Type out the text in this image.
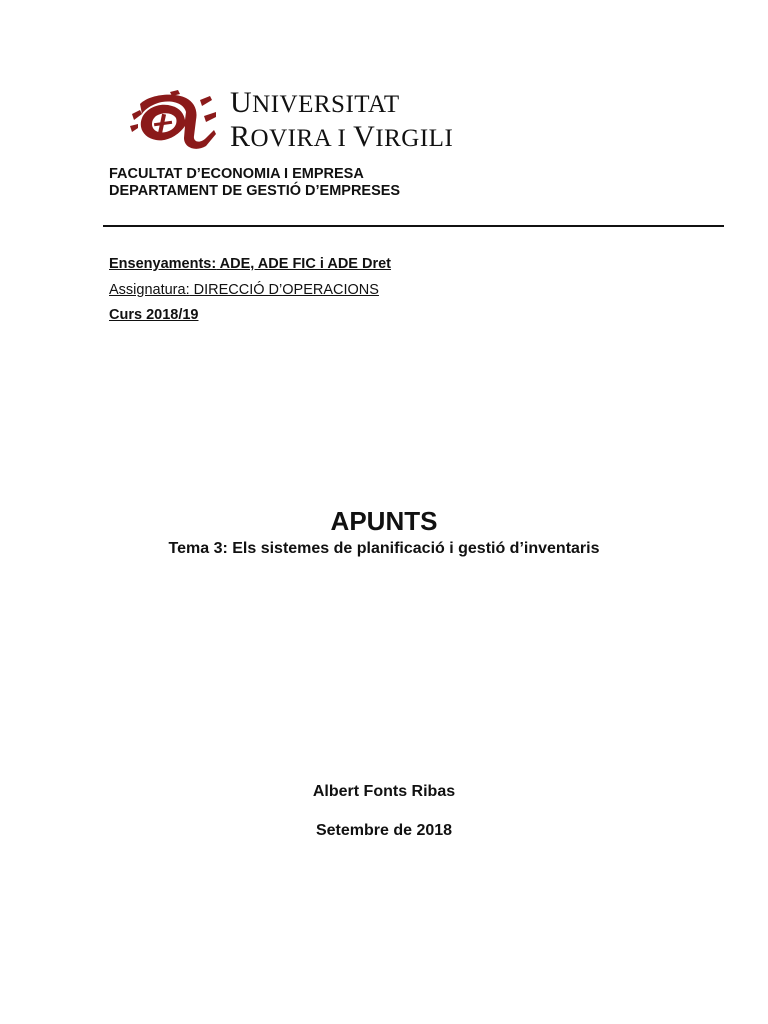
UNIVERSITAT
ROVIRA I VIRGILI
FACULTAT D’ECONOMIA I EMPRESA
DEPARTAMENT DE GESTIÓ D’EMPRESES
Ensenyaments: ADE, ADE FIC i ADE Dret
Assignatura: DIRECCIÓ D’OPERACIONS
Curs 2018/19
APUNTS
Tema 3: Els sistemes de planificació i gestió d’inventaris
Albert Fonts Ribas
Setembre de 2018
